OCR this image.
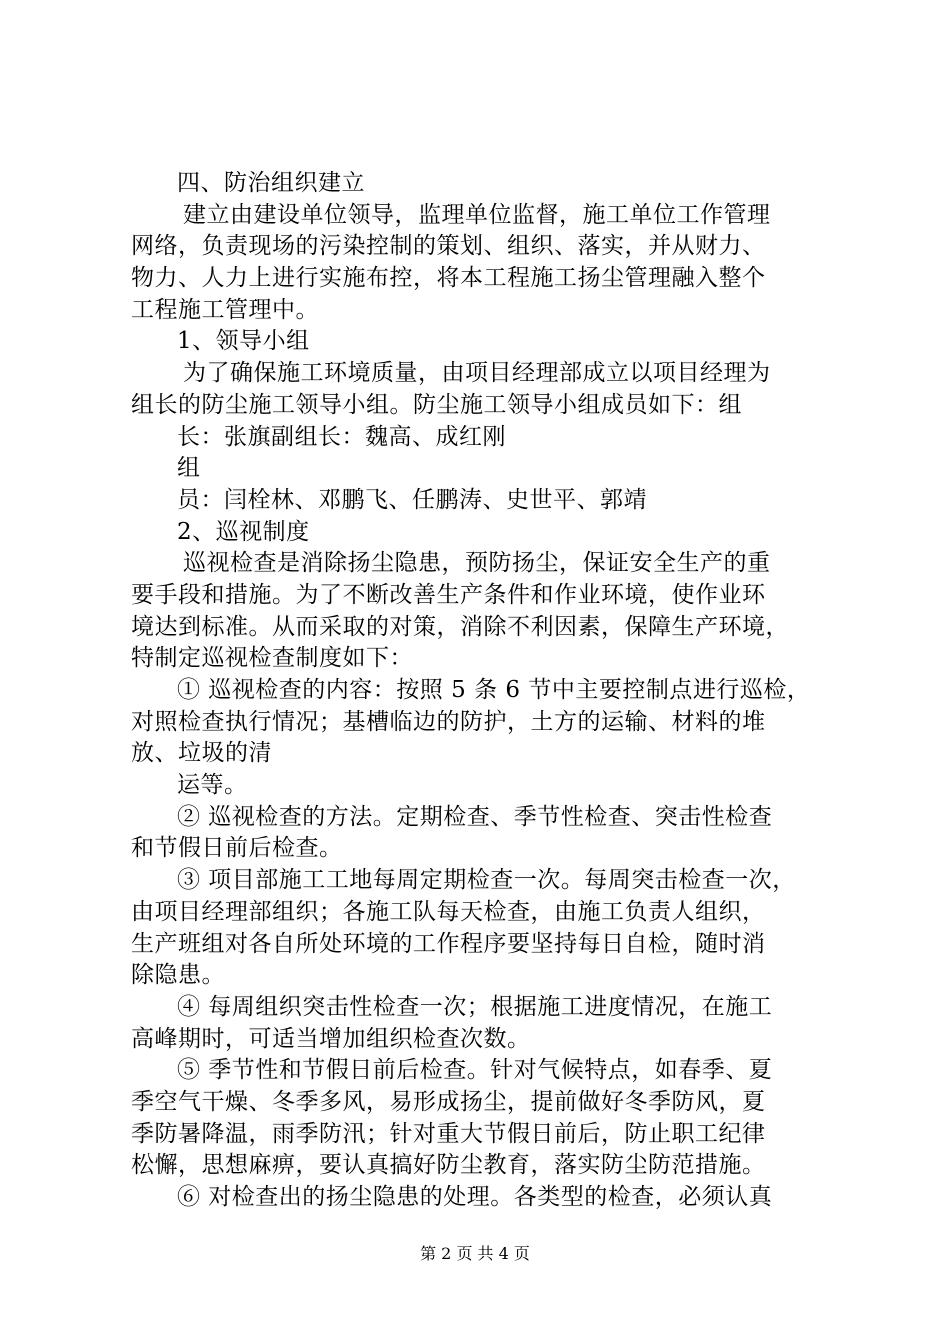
四、防治组织建立
建立由建设单位领导，监理单位监督，施工单位工作管理
网络，负责现场的污染控制的策划、组织、落实，并从财力、
物力、人力上进行实施布控，将本工程施工扬尘管理融入整个
工程施工管理中。
1、领导小组
为了确保施工环境质量，由项目经理部成立以项目经理为
组长的防尘施工领导小组。防尘施工领导小组成员如下：组
长：张旗副组长：魏高、成红刚
组
员：闫栓林、邓鹏飞、任鹏涛、史世平、郭靖
2、巡视制度
巡视检查是消除扬尘隐患，预防扬尘，保证安全生产的重
要手段和措施。为了不断改善生产条件和作业环境，使作业环
境达到标准。从而采取的对策，消除不利因素，保障生产环境，
特制定巡视检查制度如下：
① 巡视检查的内容：按照 5 条 6 节中主要控制点进行巡检，
对照检查执行情况；基槽临边的防护，土方的运输、材料的堆
放、垃圾的清
运等。
② 巡视检查的方法。定期检查、季节性检查、突击性检查
和节假日前后检查。
③ 项目部施工工地每周定期检查一次。每周突击检查一次，
由项目经理部组织；各施工队每天检查，由施工负责人组织，
生产班组对各自所处环境的工作程序要坚持每日自检，随时消
除隐患。
④ 每周组织突击性检查一次；根据施工进度情况，在施工
高峰期时，可适当增加组织检查次数。
⑤ 季节性和节假日前后检查。针对气候特点，如春季、夏
季空气干燥、冬季多风，易形成扬尘，提前做好冬季防风，夏
季防暑降温，雨季防汛；针对重大节假日前后，防止职工纪律
松懈，思想麻痹，要认真搞好防尘教育，落实防尘防范措施。
⑥ 对检查出的扬尘隐患的处理。各类型的检查，必须认真
第 2 页 共 4 页
